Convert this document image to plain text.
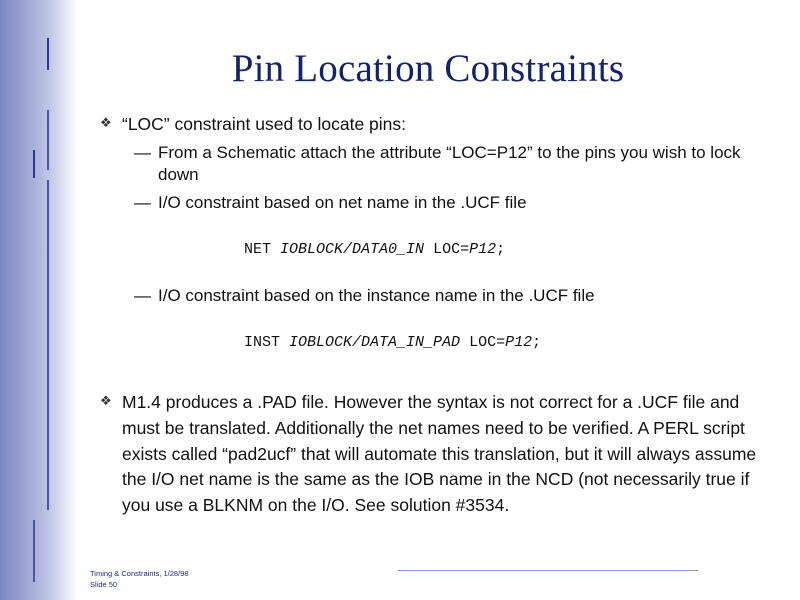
Pin Location Constraints
❖ “LOC” constraint used to locate pins:
— From a Schematic attach the attribute “LOC=P12” to the pins you wish to lock down
— I/O constraint based on net name in the .UCF file

NET IOBLOCK/DATA0_IN LOC=P12;

— I/O constraint based on the instance name in the .UCF file

INST IOBLOCK/DATA_IN_PAD LOC=P12;

❖ M1.4 produces a .PAD file. However the syntax is not correct for a .UCF file and must be translated. Additionally the net names need to be verified. A PERL script exists called “pad2ucf” that will automate this translation, but it will always assume the I/O net name is the same as the IOB name in the NCD (not necessarily true if you use a BLKNM on the I/O. See solution #3534.
Timing & Constraints, 1/28/98
Slide 50
